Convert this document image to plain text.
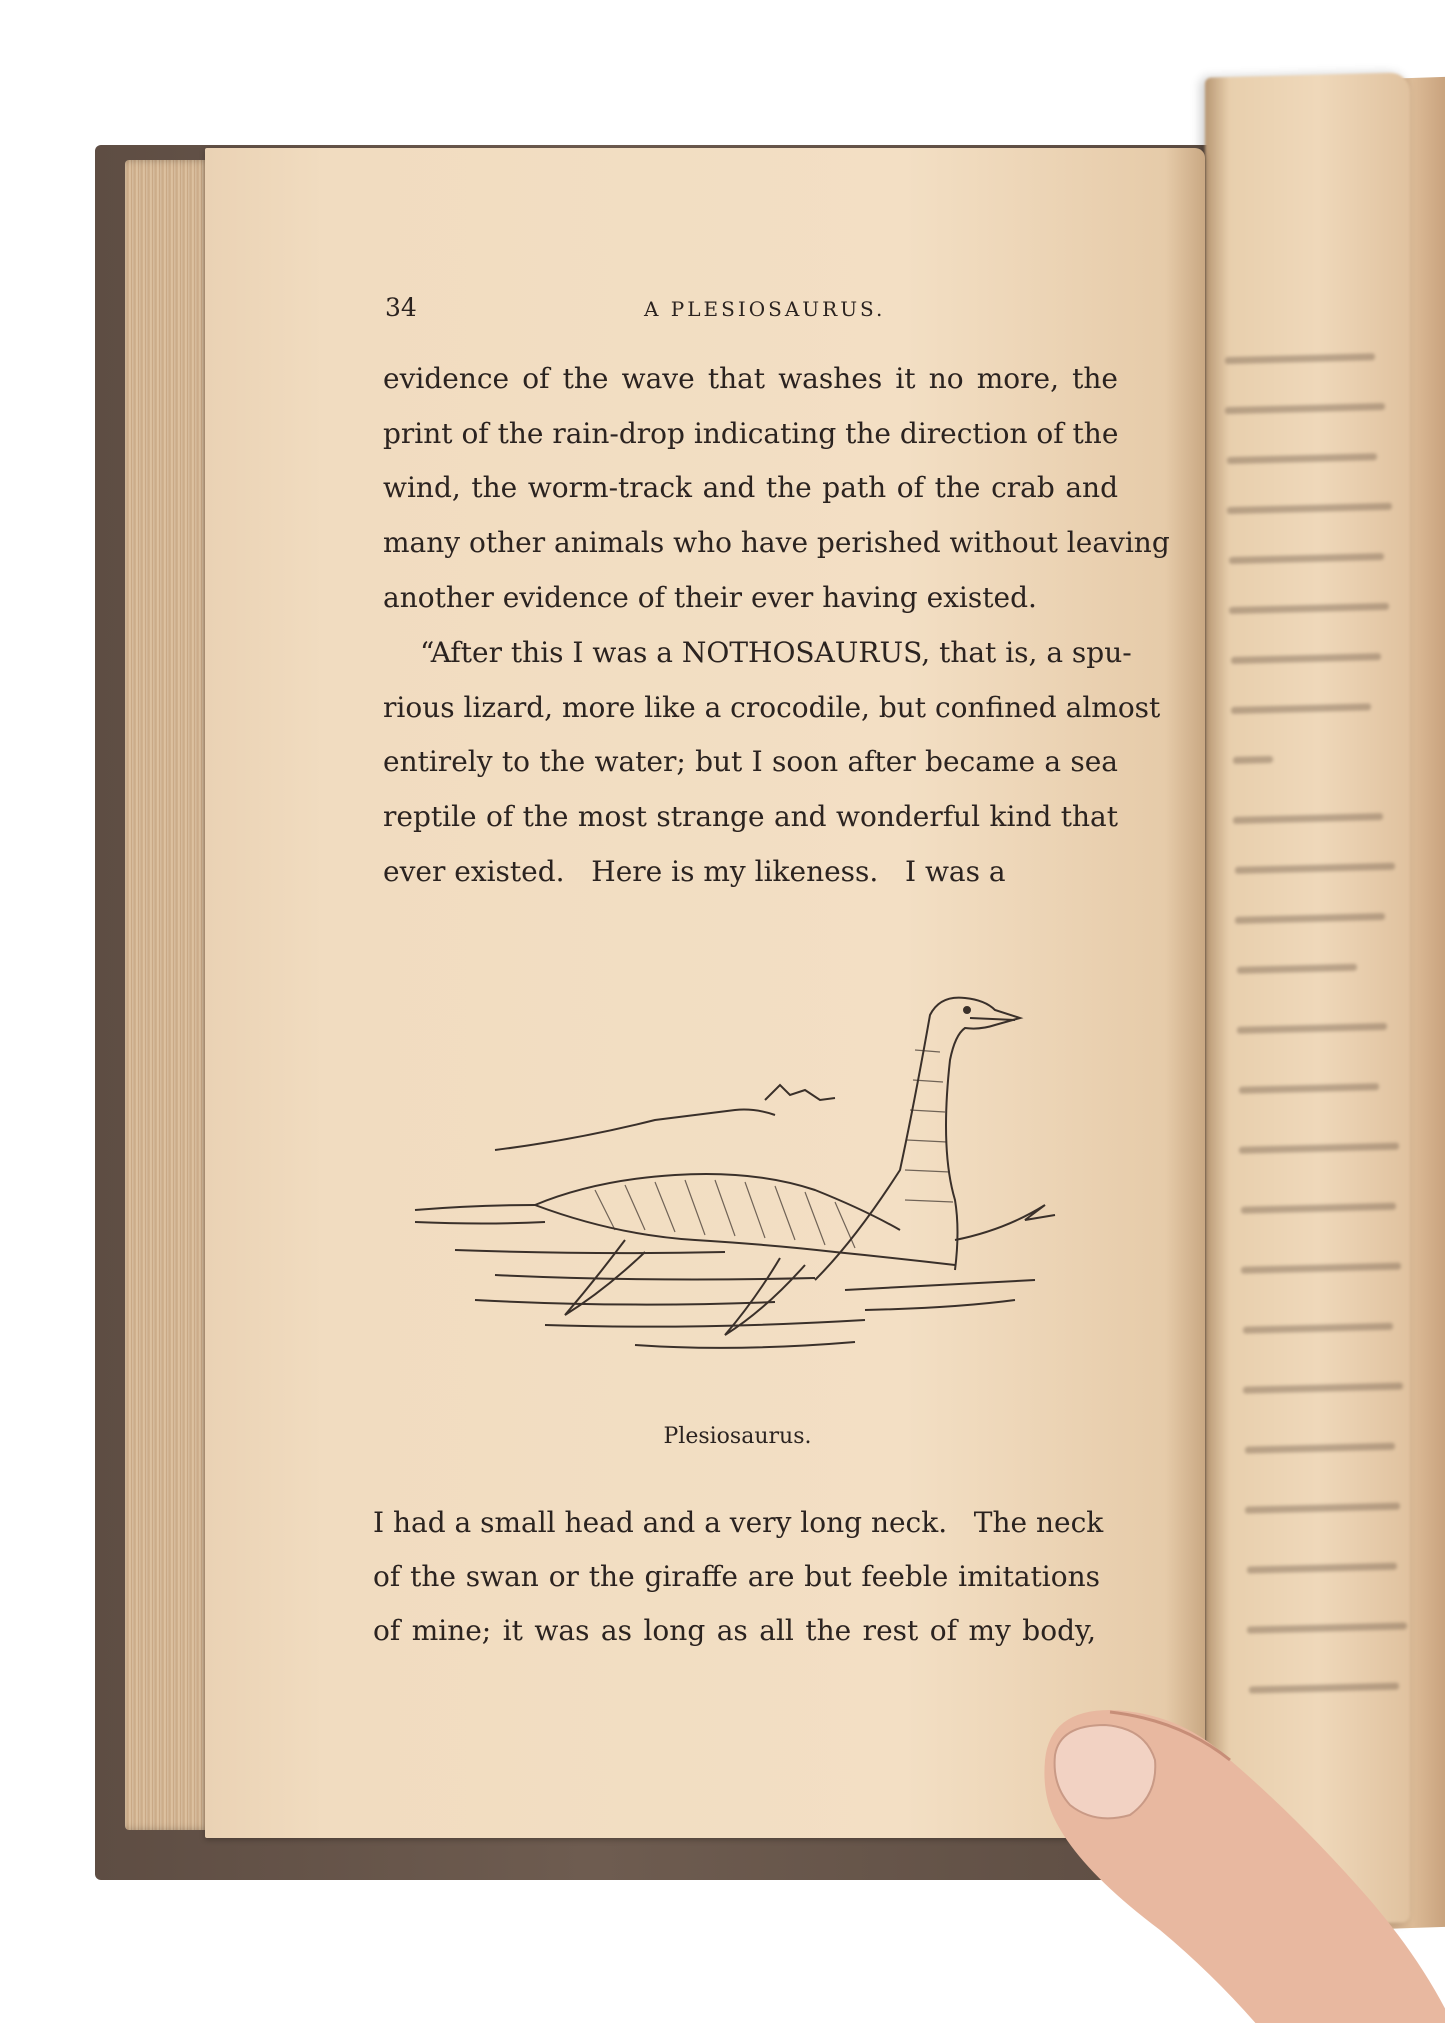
34	A PLESIOSAURUS.
evidence of the wave that washes it no more, the
print of the rain-drop indicating the direction of the
wind, the worm-track and the path of the crab and
many other animals who have perished without leaving
another evidence of their ever having existed.
“After this I was a NOTHOSAURUS, that is, a spu-
rious lizard, more like a crocodile, but confined almost
entirely to the water; but I soon after became a sea
reptile of the most strange and wonderful kind that
ever existed.   Here is my likeness.   I was a
Plesiosaurus.
I had a small head and a very long neck.   The neck
of the swan or the giraffe are but feeble imitations
of mine; it was as long as all the rest of my body,
